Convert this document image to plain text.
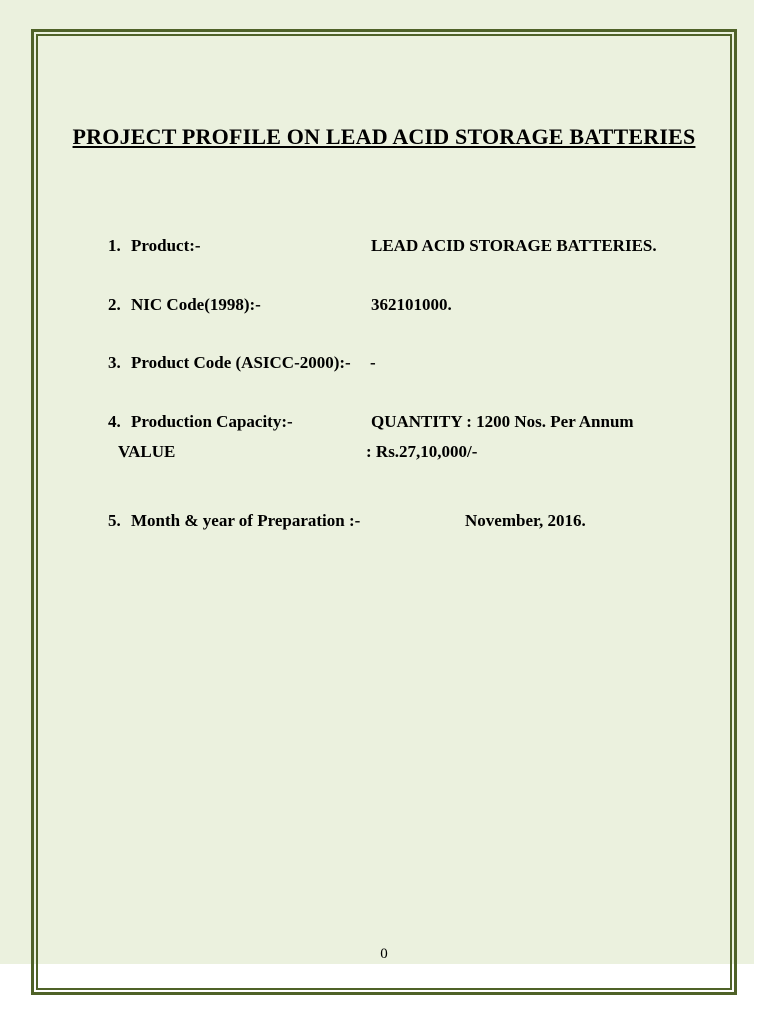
PROJECT PROFILE ON LEAD ACID STORAGE BATTERIES
1. Product:-	LEAD ACID STORAGE BATTERIES.
2. NIC Code(1998):-	362101000.
3. Product Code (ASICC-2000):- -
4. Production Capacity:-	QUANTITY : 1200 Nos. Per Annum
VALUE	: Rs.27,10,000/-
5. Month & year of Preparation :-	November, 2016.
0
